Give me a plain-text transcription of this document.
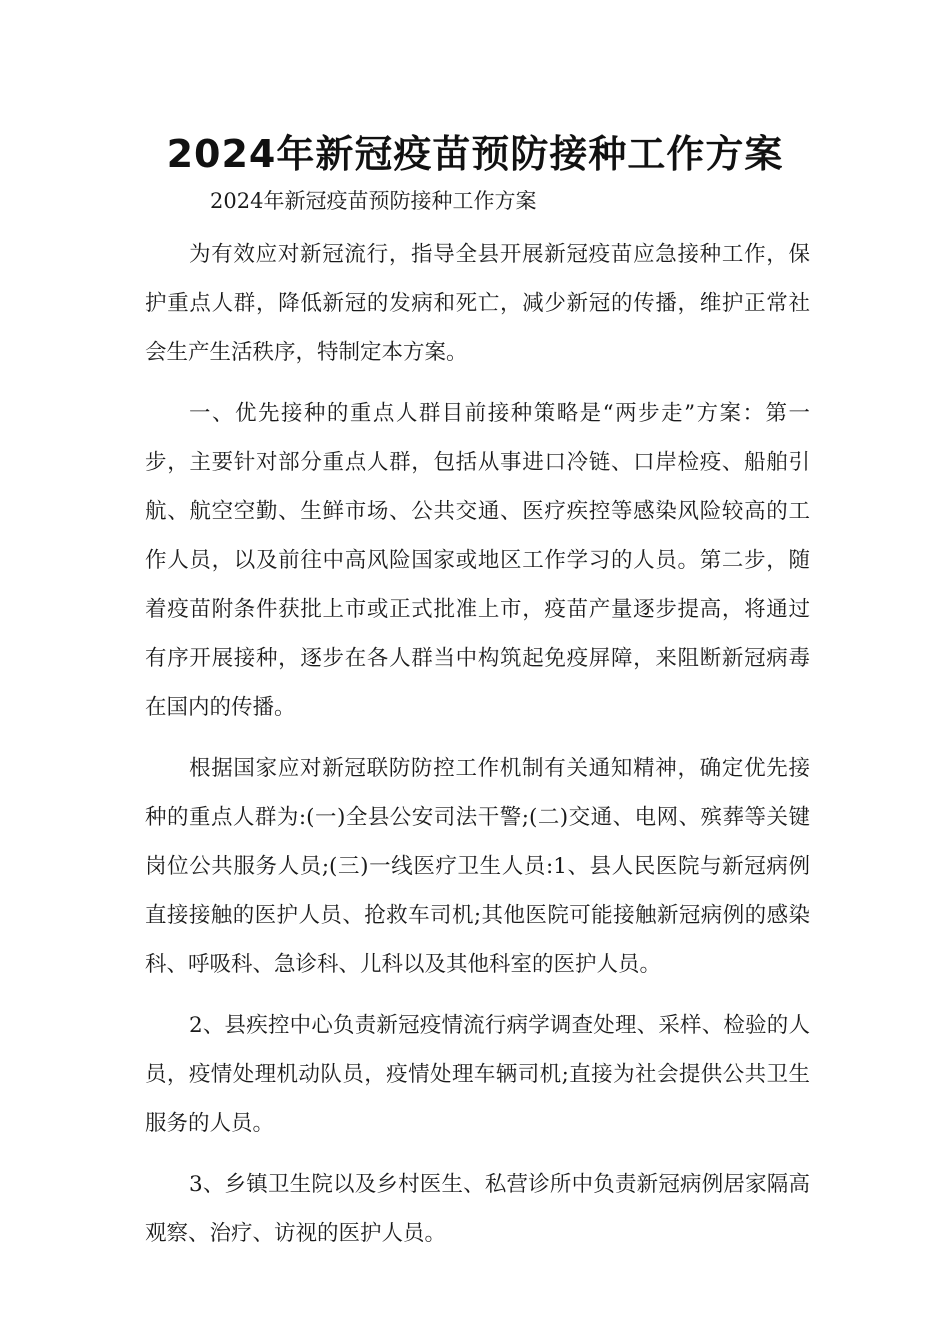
2024年新冠疫苗预防接种工作方案

2024年新冠疫苗预防接种工作方案

为有效应对新冠流行，指导全县开展新冠疫苗应急接种工作，保护重点人群，降低新冠的发病和死亡，减少新冠的传播，维护正常社会生产生活秩序，特制定本方案。

一、优先接种的重点人群目前接种策略是“两步走”方案：第一步，主要针对部分重点人群，包括从事进口冷链、口岸检疫、船舶引航、航空空勤、生鲜市场、公共交通、医疗疾控等感染风险较高的工作人员，以及前往中高风险国家或地区工作学习的人员。第二步，随着疫苗附条件获批上市或正式批准上市，疫苗产量逐步提高，将通过有序开展接种，逐步在各人群当中构筑起免疫屏障，来阻断新冠病毒在国内的传播。

根据国家应对新冠联防防控工作机制有关通知精神，确定优先接种的重点人群为:(一)全县公安司法干警;(二)交通、电网、殡葬等关键岗位公共服务人员;(三)一线医疗卫生人员:1、县人民医院与新冠病例直接接触的医护人员、抢救车司机;其他医院可能接触新冠病例的感染科、呼吸科、急诊科、儿科以及其他科室的医护人员。

2、县疾控中心负责新冠疫情流行病学调查处理、采样、检验的人员，疫情处理机动队员，疫情处理车辆司机;直接为社会提供公共卫生服务的人员。

3、乡镇卫生院以及乡村医生、私营诊所中负责新冠病例居家隔高观察、治疗、访视的医护人员。
